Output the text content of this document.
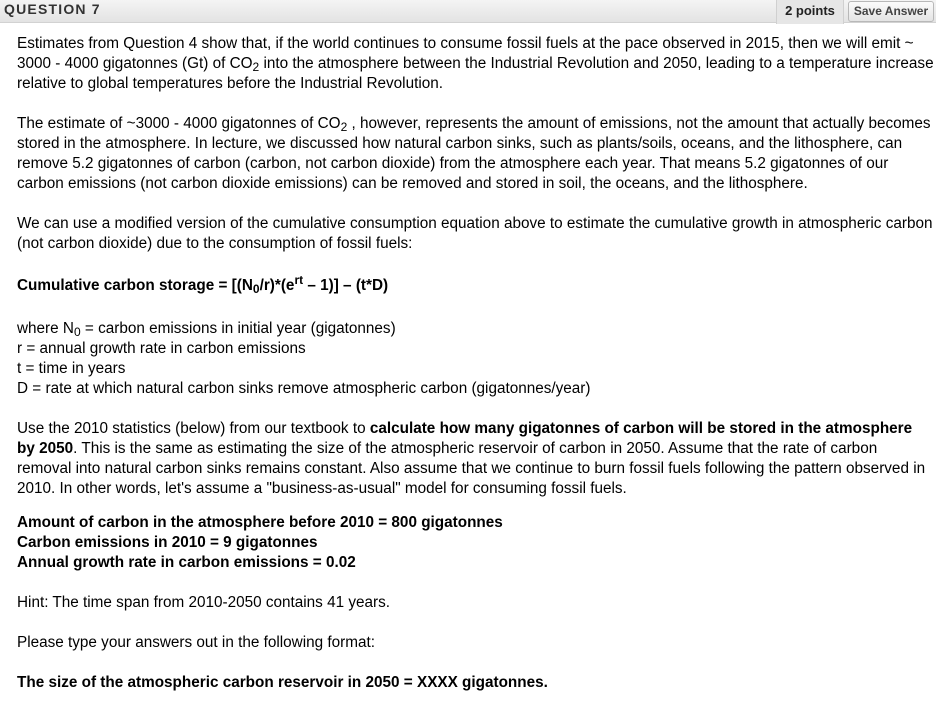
QUESTION 7	2 points	Save Answer

Estimates from Question 4 show that, if the world continues to consume fossil fuels at the pace observed in 2015, then we will emit ~ 3000 - 4000 gigatonnes (Gt) of $CO_2$ into the atmosphere between the Industrial Revolution and 2050, leading to a temperature increase relative to global temperatures before the Industrial Revolution.

The estimate of ~3000 - 4000 gigatonnes of $CO_2$ , however, represents the amount of emissions, not the amount that actually becomes stored in the atmosphere. In lecture, we discussed how natural carbon sinks, such as plants/soils, oceans, and the lithosphere, can remove 5.2 gigatonnes of carbon (carbon, not carbon dioxide) from the atmosphere each year. That means 5.2 gigatonnes of our carbon emissions (not carbon dioxide emissions) can be removed and stored in soil, the oceans, and the lithosphere.

We can use a modified version of the cumulative consumption equation above to estimate the cumulative growth in atmospheric carbon (not carbon dioxide) due to the consumption of fossil fuels:

Cumulative carbon storage = $[(N_0/r)*(e^{rt} - 1)] - (t*D)$

where $N_0$ = carbon emissions in initial year (gigatonnes)

r = annual growth rate in carbon emissions

t = time in years

D = rate at which natural carbon sinks remove atmospheric carbon (gigatonnes/year)

Use the 2010 statistics (below) from our textbook to calculate how many gigatonnes of carbon will be stored in the atmosphere by 2050. This is the same as estimating the size of the atmospheric reservoir of carbon in 2050. Assume that the rate of carbon removal into natural carbon sinks remains constant. Also assume that we continue to burn fossil fuels following the pattern observed in 2010. In other words, let's assume a "business-as-usual" model for consuming fossil fuels.

Amount of carbon in the atmosphere before 2010 = 800 gigatonnes

Carbon emissions in 2010 = 9 gigatonnes

Annual growth rate in carbon emissions = 0.02

Hint: The time span from 2010-2050 contains 41 years.

Please type your answers out in the following format:

The size of the atmospheric carbon reservoir in 2050 = XXXX gigatonnes.
